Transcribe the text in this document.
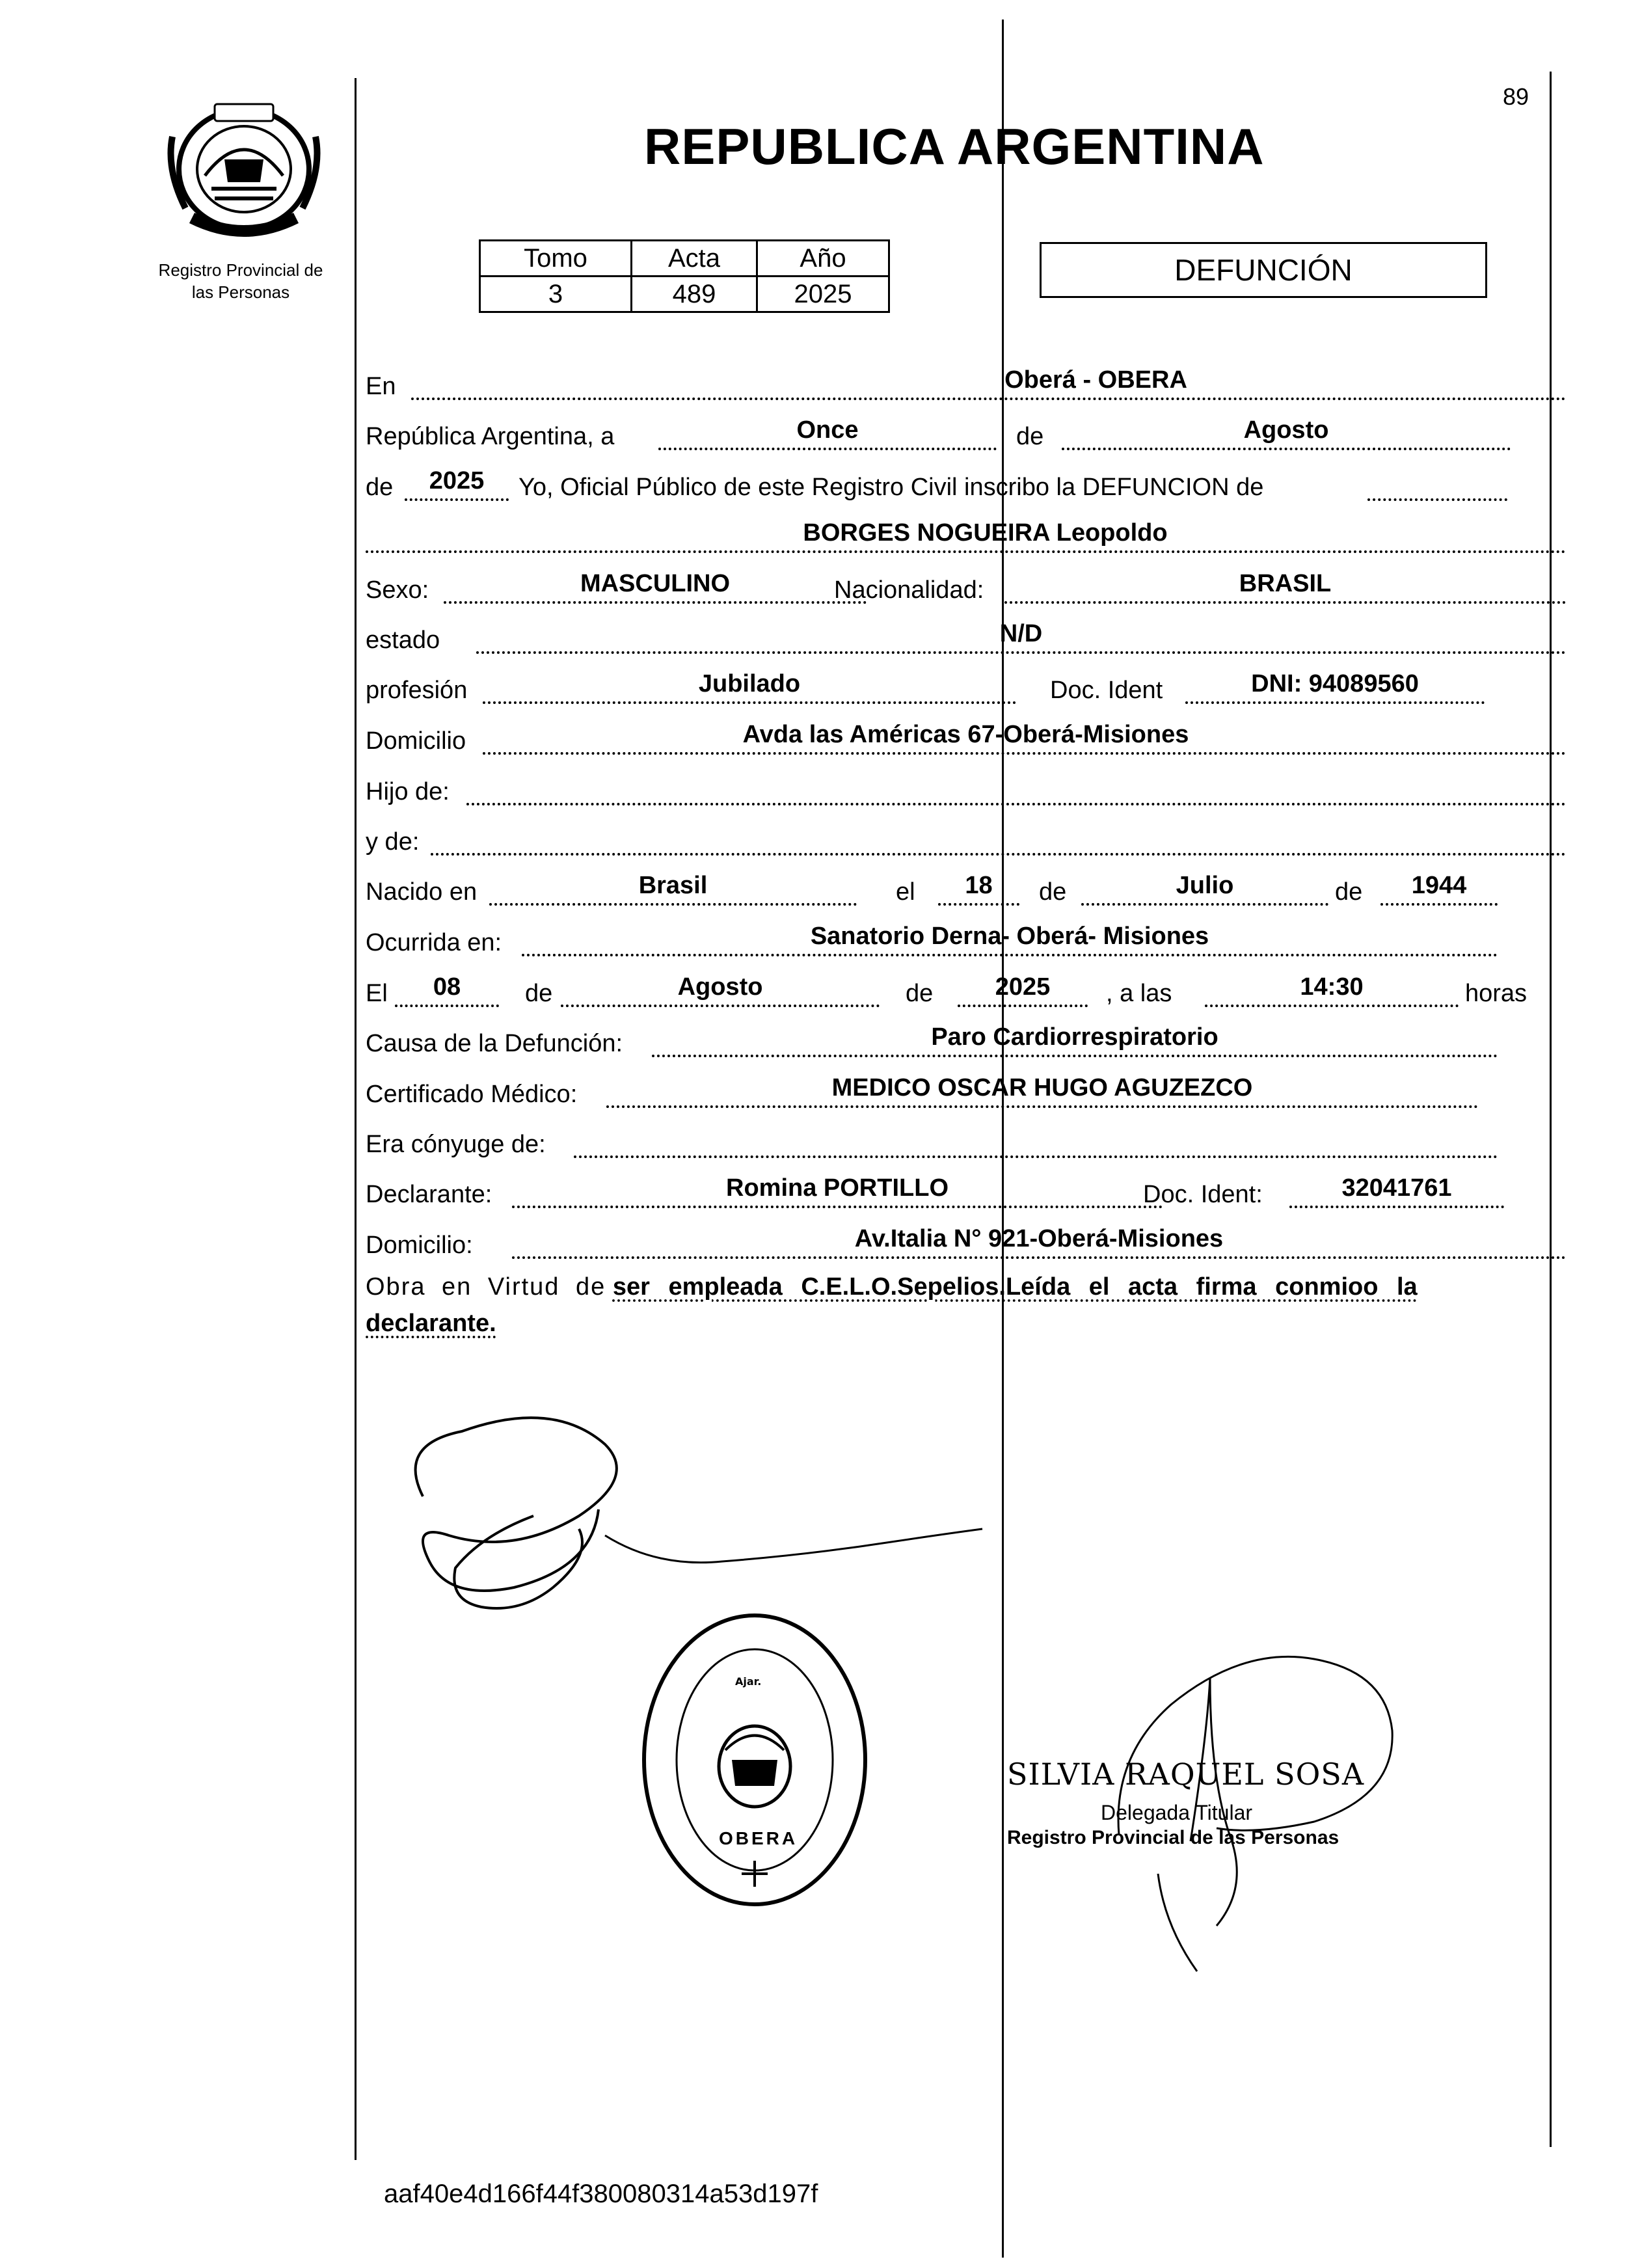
89
Registro Provincial de
las Personas
REPUBLICA ARGENTINA
Tomo	Acta	Año
3	489	2025
DEFUNCIÓN
En	Oberá - OBERA
República Argentina, a	Once	de	Agosto
de	2025	Yo, Oficial Público de este Registro Civil inscribo la DEFUNCION de
BORGES NOGUEIRA Leopoldo
Sexo:	MASCULINO	Nacionalidad:	BRASIL
estado	N/D
profesión	Jubilado	Doc. Ident	DNI: 94089560
Domicilio	Avda las Américas 67-Oberá-Misiones
Hijo de:
y de:
Nacido en	Brasil	el	18	de	Julio	de	1944
Ocurrida en:	Sanatorio Derna- Oberá- Misiones
El	08	de	Agosto	de	2025	, a las	14:30	horas
Causa de la Defunción:	Paro Cardiorrespiratorio
Certificado Médico:	MEDICO OSCAR HUGO AGUZEZCO
Era cónyuge de:
Declarante:	Romina PORTILLO	Doc. Ident:	32041761
Domicilio:	Av.Italia N° 921-Oberá-Misiones
Obra en Virtud de ser empleada C.E.L.O.Sepelios.Leída el acta firma conmioo la declarante.
Ajar.
OBERA
SILVIA RAQUEL SOSA
Delegada Titular
Registro Provincial de las Personas
aaf40e4d166f44f380080314a53d197f
